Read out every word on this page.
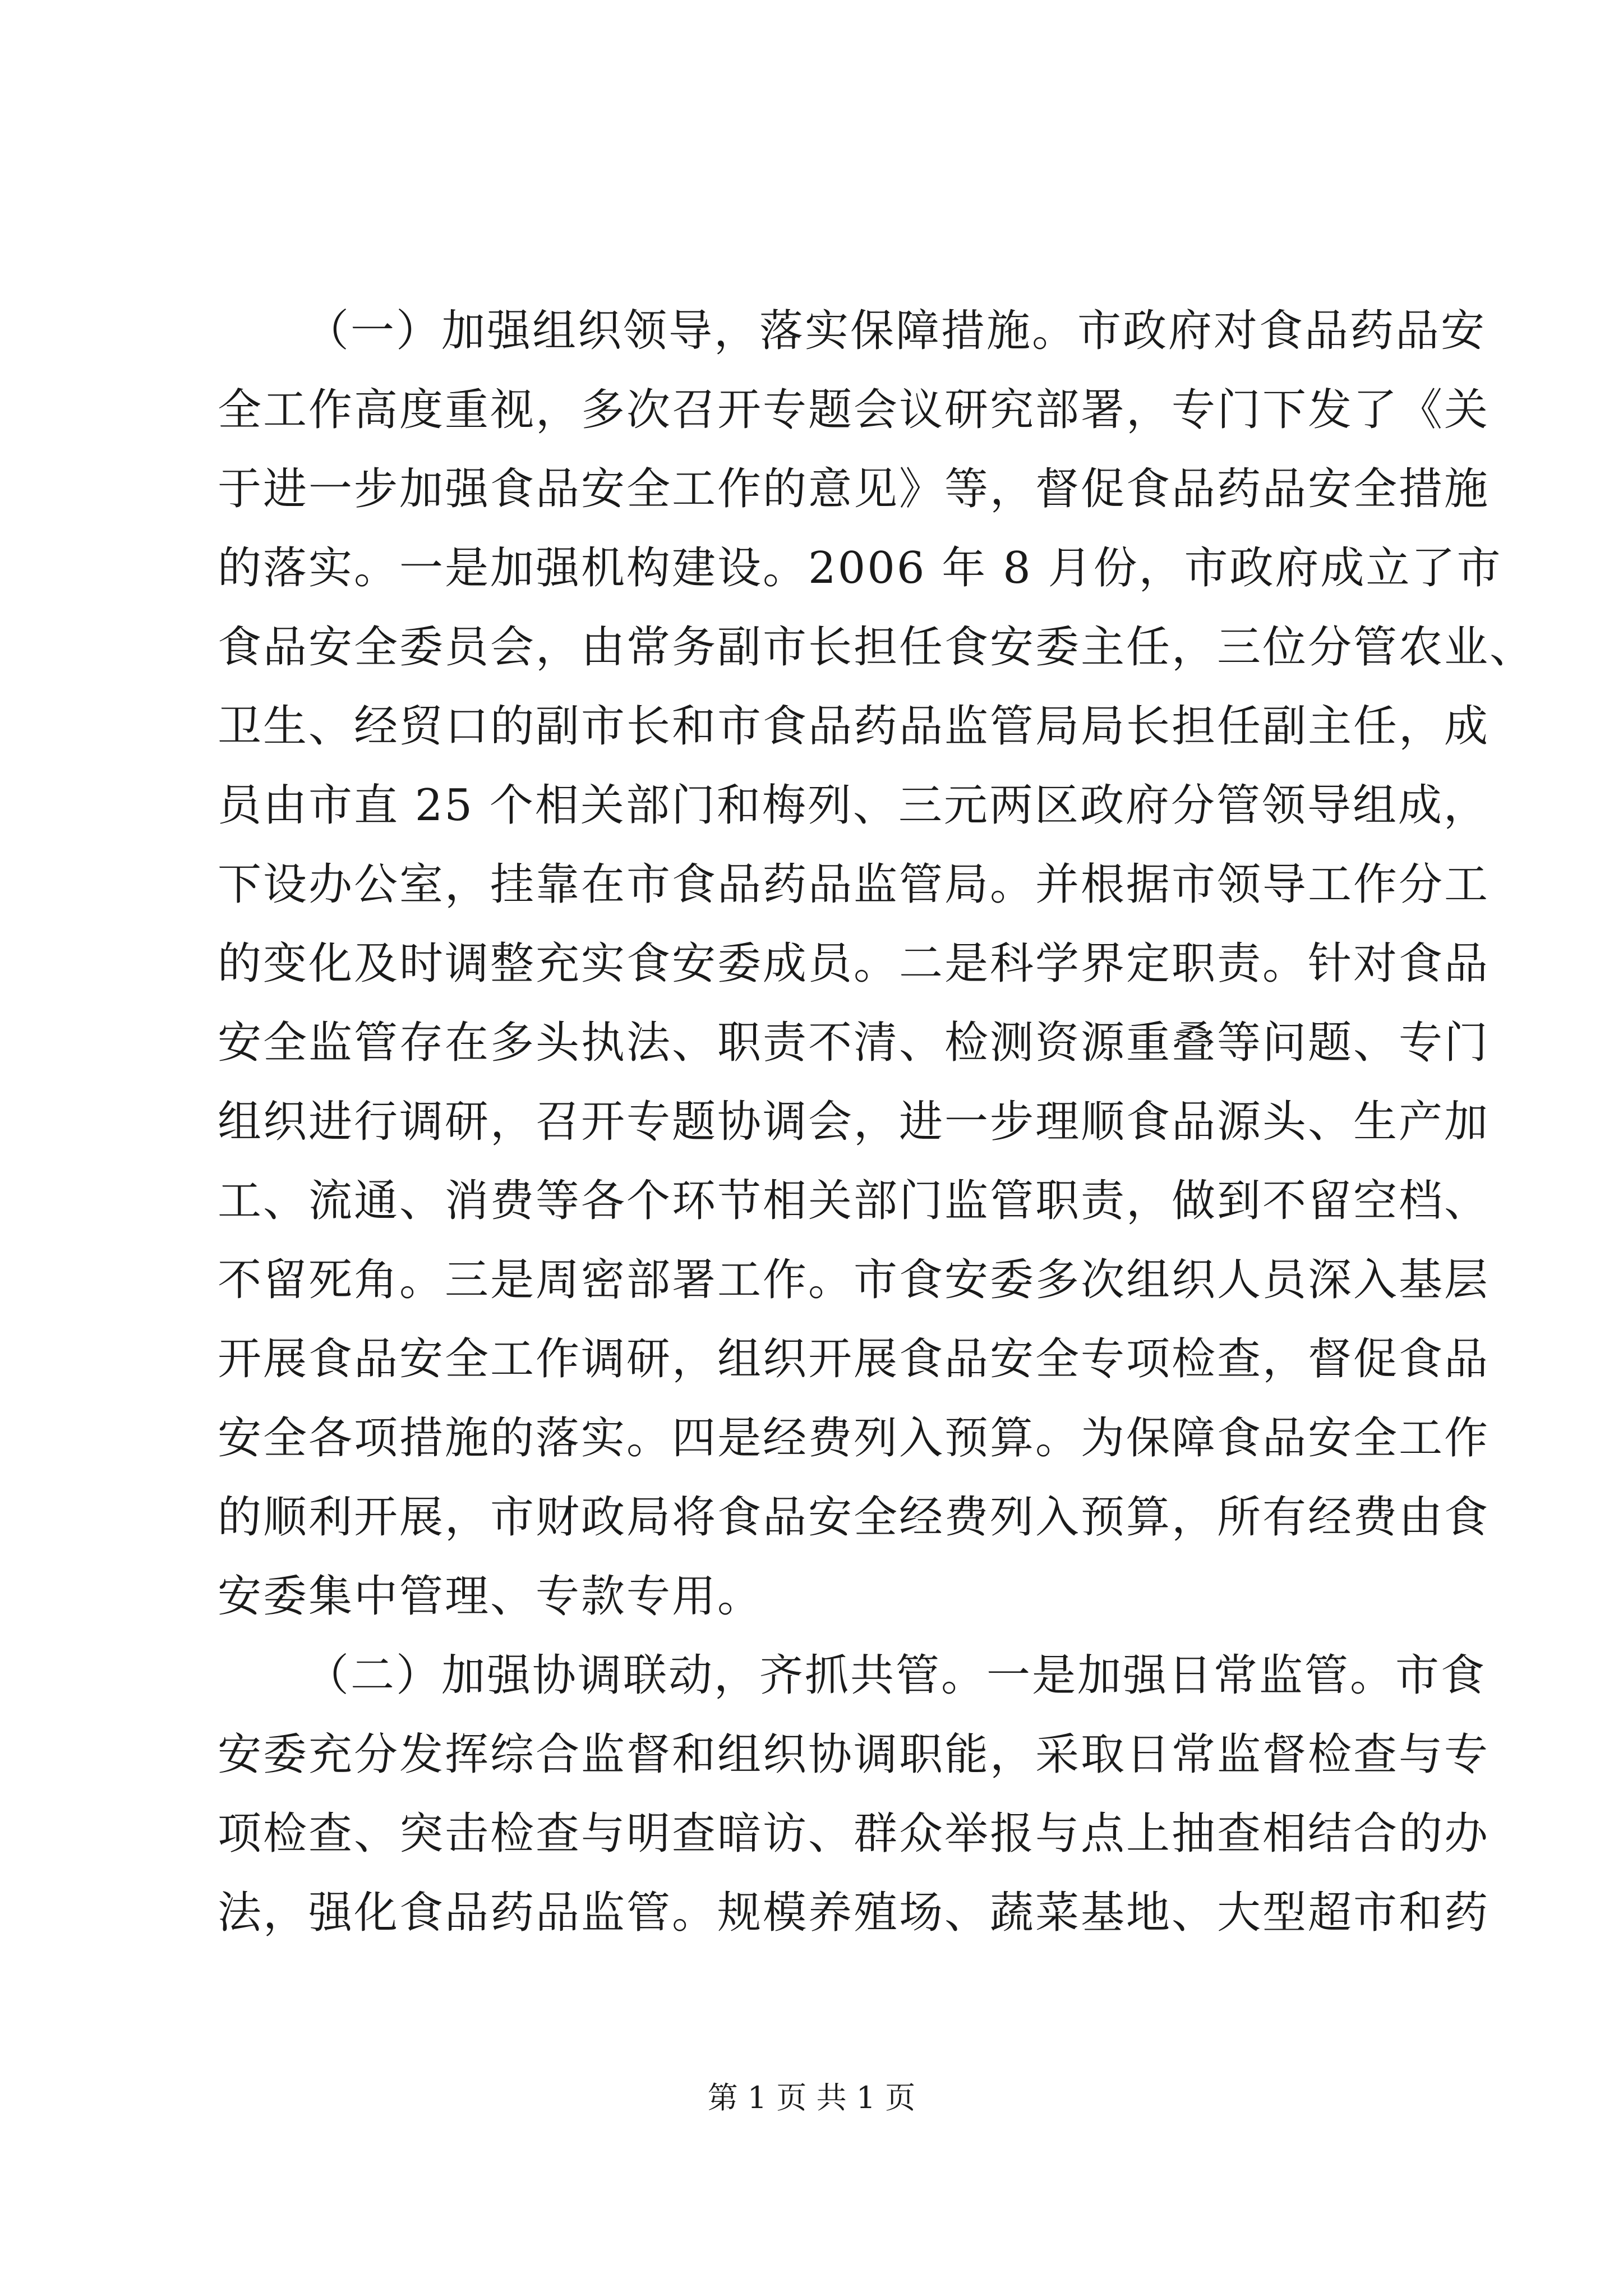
（一）加强组织领导，落实保障措施。市政府对食品药品安
全工作高度重视，多次召开专题会议研究部署，专门下发了《关
于进一步加强食品安全工作的意见》等，督促食品药品安全措施
的落实。一是加强机构建设。2006 年 8 月份，市政府成立了市
食品安全委员会，由常务副市长担任食安委主任，三位分管农业、
卫生、经贸口的副市长和市食品药品监管局局长担任副主任，成
员由市直 25 个相关部门和梅列、三元两区政府分管领导组成，
下设办公室，挂靠在市食品药品监管局。并根据市领导工作分工
的变化及时调整充实食安委成员。二是科学界定职责。针对食品
安全监管存在多头执法、职责不清、检测资源重叠等问题、专门
组织进行调研，召开专题协调会，进一步理顺食品源头、生产加
工、流通、消费等各个环节相关部门监管职责，做到不留空档、
不留死角。三是周密部署工作。市食安委多次组织人员深入基层
开展食品安全工作调研，组织开展食品安全专项检查，督促食品
安全各项措施的落实。四是经费列入预算。为保障食品安全工作
的顺利开展，市财政局将食品安全经费列入预算，所有经费由食
安委集中管理、专款专用。
（二）加强协调联动，齐抓共管。一是加强日常监管。市食
安委充分发挥综合监督和组织协调职能，采取日常监督检查与专
项检查、突击检查与明查暗访、群众举报与点上抽查相结合的办
法，强化食品药品监管。规模养殖场、蔬菜基地、大型超市和药
第 1 页 共 1 页
